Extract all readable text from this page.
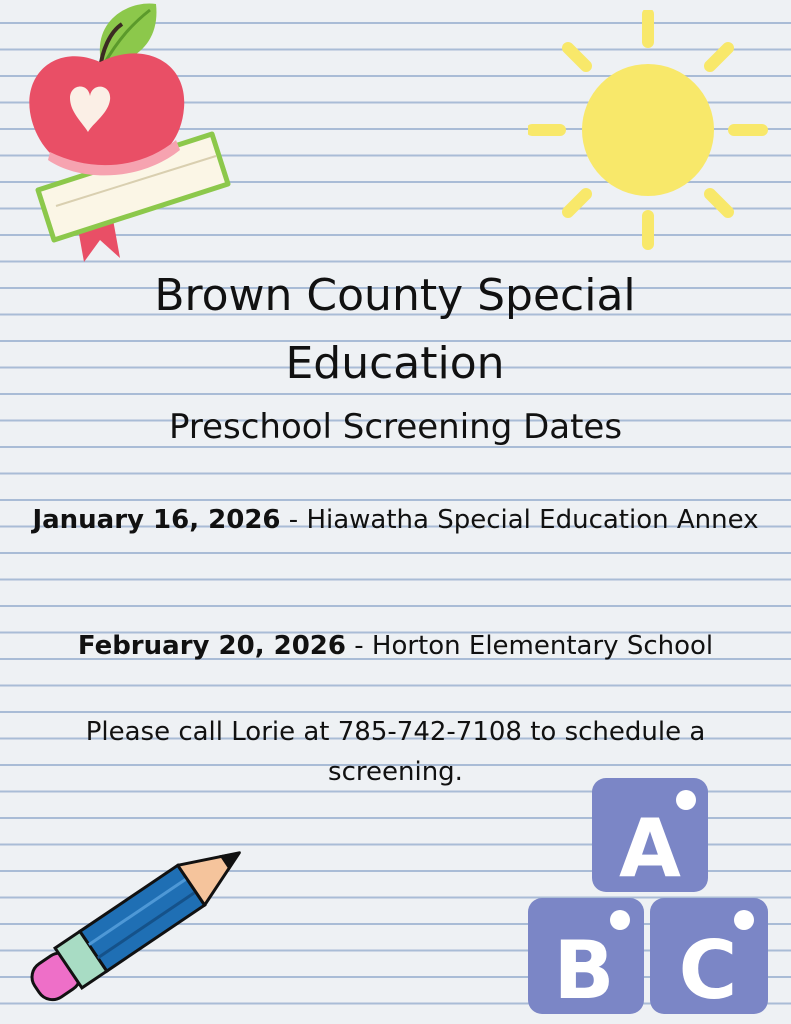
Brown County Special Education
Preschool Screening Dates
January 16, 2026 - Hiawatha Special Education Annex
February 20, 2026 - Horton Elementary School
Please call Lorie at 785-742-7108 to schedule a screening.
A
B C
